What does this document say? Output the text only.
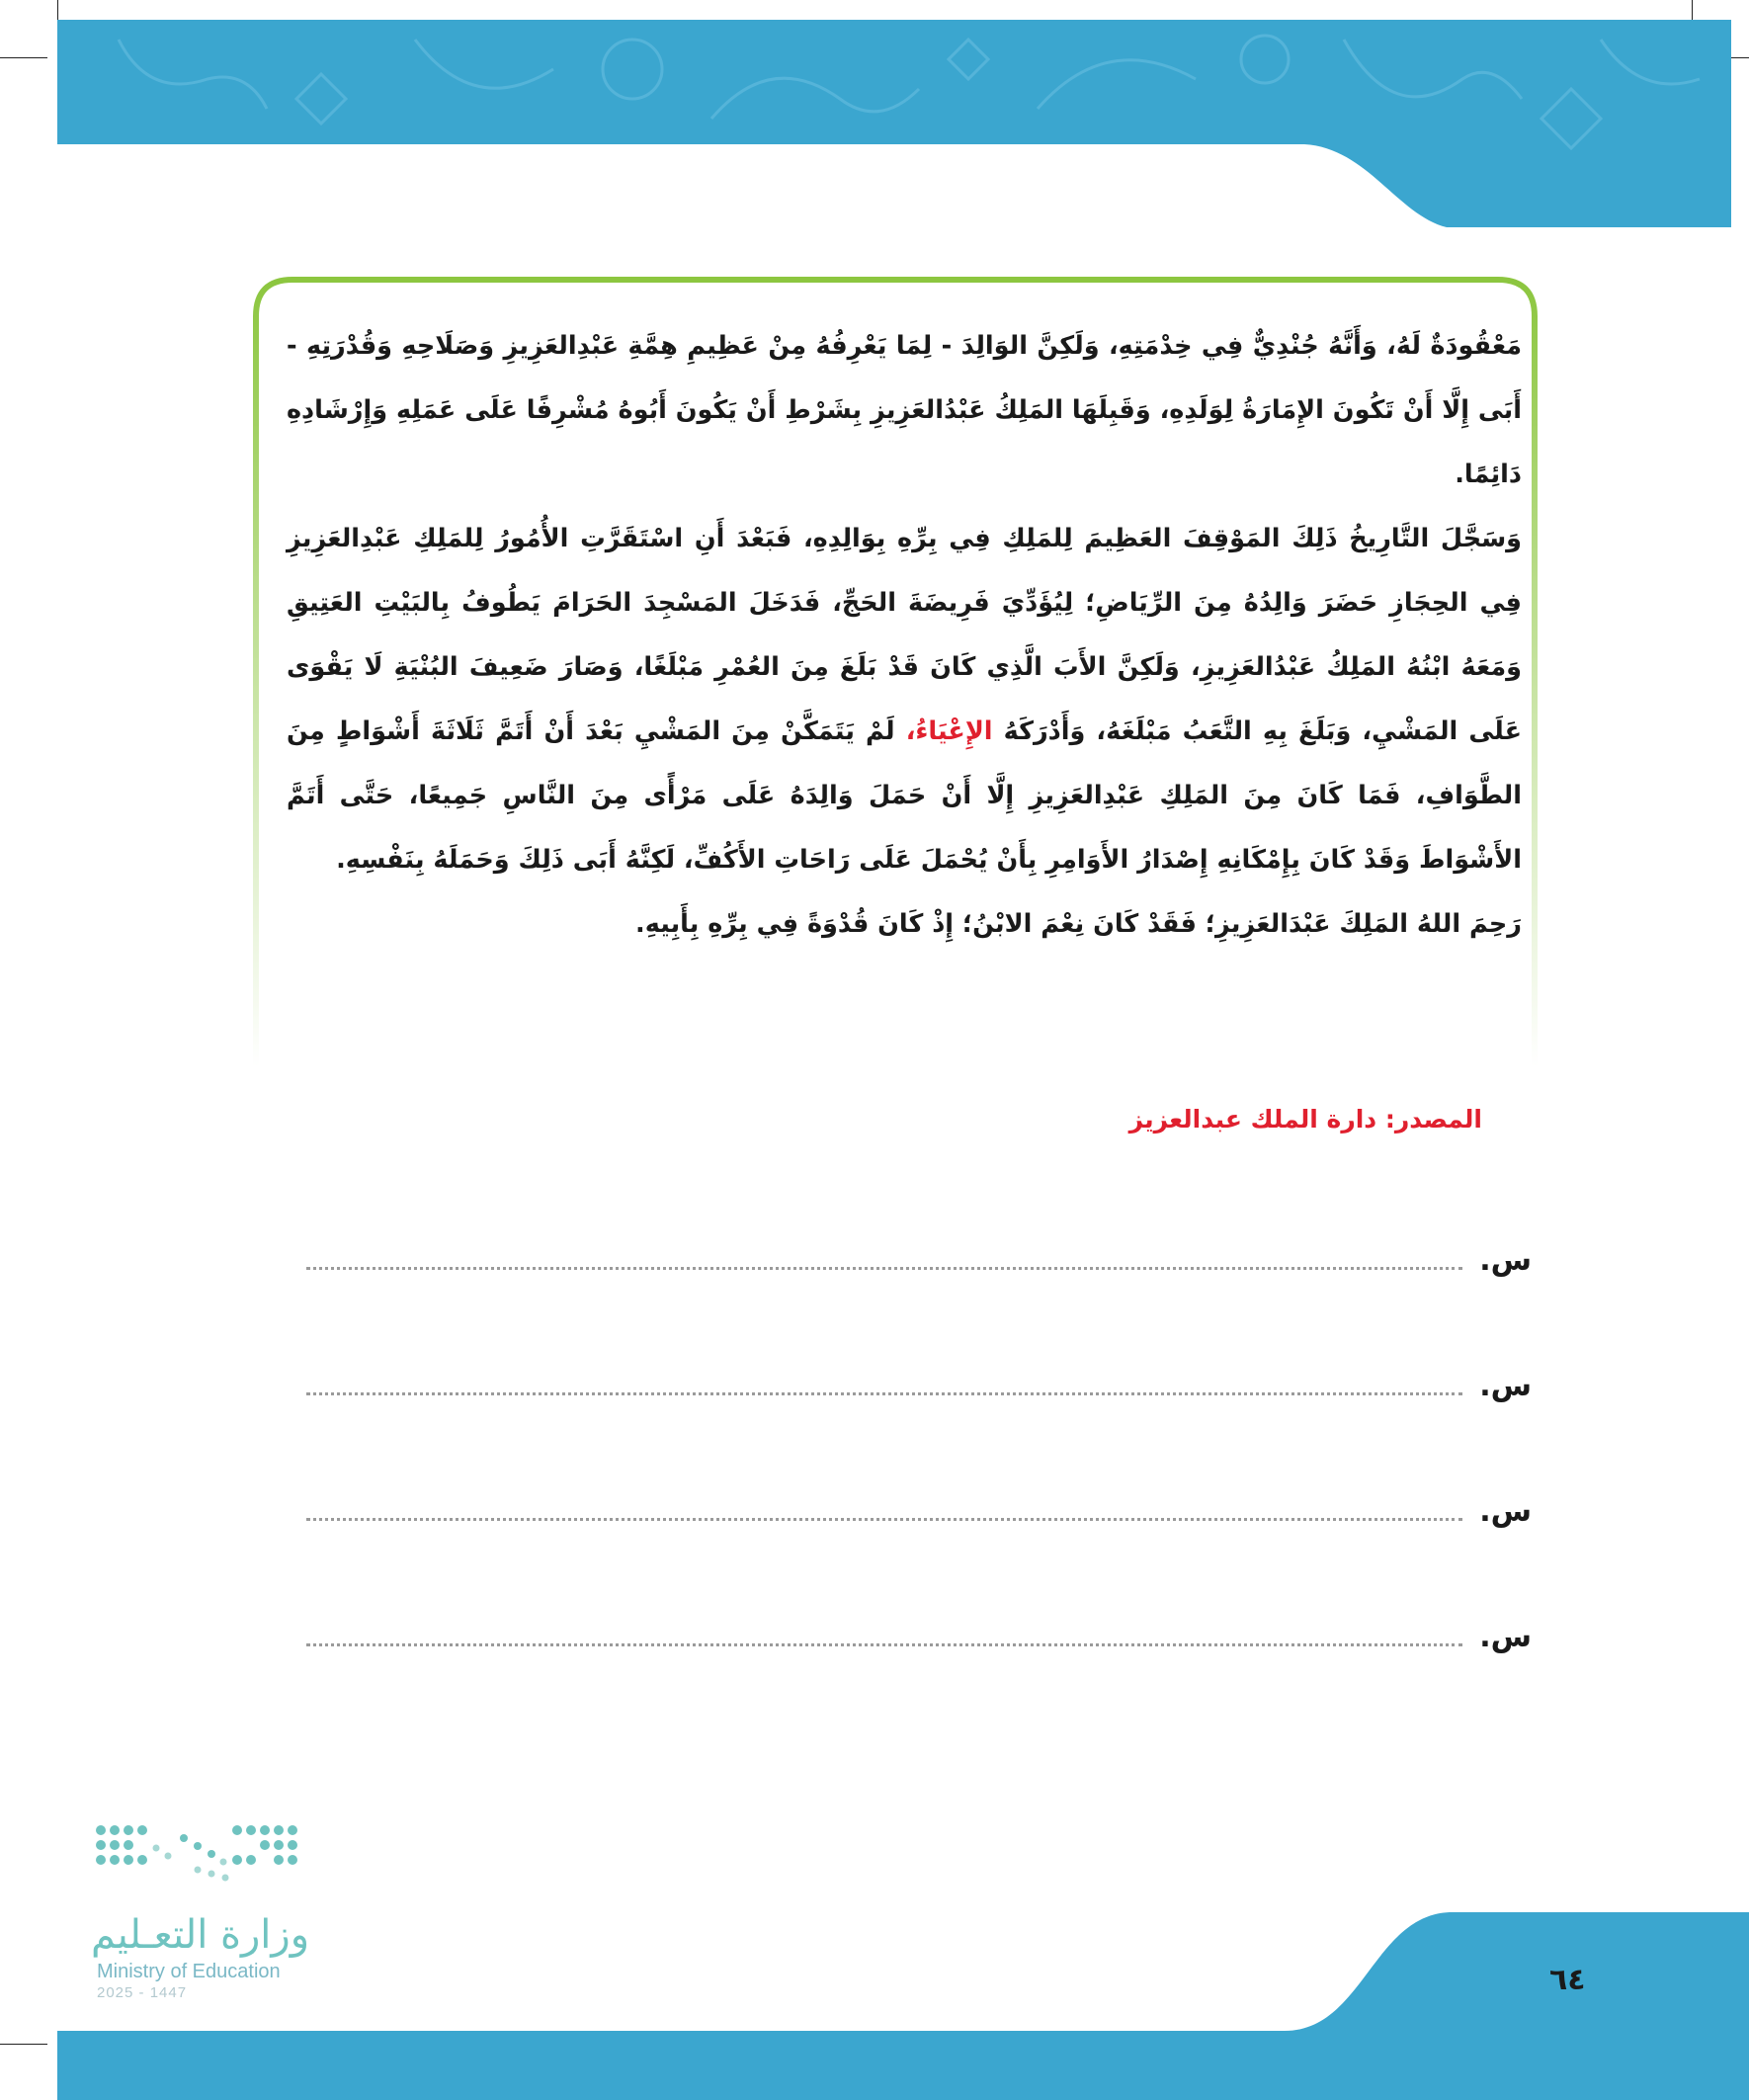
مَعْقُودَةٌ لَهُ، وَأَنَّهُ جُنْدِيٌّ فِي خِدْمَتِهِ، وَلَكِنَّ الوَالِدَ - لِمَا يَعْرِفُهُ مِنْ عَظِيمِ هِمَّةِ عَبْدِالعَزِيزِ وَصَلَاحِهِ وَقُدْرَتِهِ - أَبَى إِلَّا أَنْ تَكُونَ الإِمَارَةُ لِوَلَدِهِ، وَقَبِلَهَا المَلِكُ عَبْدُالعَزِيزِ بِشَرْطِ أَنْ يَكُونَ أَبُوهُ مُشْرِفًا عَلَى عَمَلِهِ وَإِرْشَادِهِ دَائِمًا.

وَسَجَّلَ التَّارِيخُ ذَلِكَ المَوْقِفَ العَظِيمَ لِلمَلِكِ فِي بِرِّهِ بِوَالِدِهِ، فَبَعْدَ أَنِ اسْتَقَرَّتِ الأُمُورُ لِلمَلِكِ عَبْدِالعَزِيزِ فِي الحِجَازِ حَضَرَ وَالِدُهُ مِنَ الرِّيَاضِ؛ لِيُؤَدِّيَ فَرِيضَةَ الحَجِّ، فَدَخَلَ المَسْجِدَ الحَرَامَ يَطُوفُ بِالبَيْتِ العَتِيقِ وَمَعَهُ ابْنُهُ المَلِكُ عَبْدُالعَزِيزِ، وَلَكِنَّ الأَبَ الَّذِي كَانَ قَدْ بَلَغَ مِنَ العُمْرِ مَبْلَغًا، وَصَارَ ضَعِيفَ البُنْيَةِ لَا يَقْوَى عَلَى المَشْيِ، وَبَلَغَ بِهِ التَّعَبُ مَبْلَغَهُ، وَأَدْرَكَهُ الإِعْيَاءُ، لَمْ يَتَمَكَّنْ مِنَ المَشْيِ بَعْدَ أَنْ أَتَمَّ ثَلَاثَةَ أَشْوَاطٍ مِنَ الطَّوَافِ، فَمَا كَانَ مِنَ المَلِكِ عَبْدِالعَزِيزِ إِلَّا أَنْ حَمَلَ وَالِدَهُ عَلَى مَرْأًى مِنَ النَّاسِ جَمِيعًا، حَتَّى أَتَمَّ الأَشْوَاطَ وَقَدْ كَانَ بِإِمْكَانِهِ إِصْدَارُ الأَوَامِرِ بِأَنْ يُحْمَلَ عَلَى رَاحَاتِ الأَكُفِّ، لَكِنَّهُ أَبَى ذَلِكَ وَحَمَلَهُ بِنَفْسِهِ.

رَحِمَ اللهُ المَلِكَ عَبْدَالعَزِيزِ؛ فَقَدْ كَانَ نِعْمَ الابْنُ؛ إِذْ كَانَ قُدْوَةً فِي بِرِّهِ بِأَبِيهِ.

المصدر: دارة الملك عبدالعزيز
س.
س.
س.
س.
وزارة التعـليم
Ministry of Education
2025 - 1447	٦٤
